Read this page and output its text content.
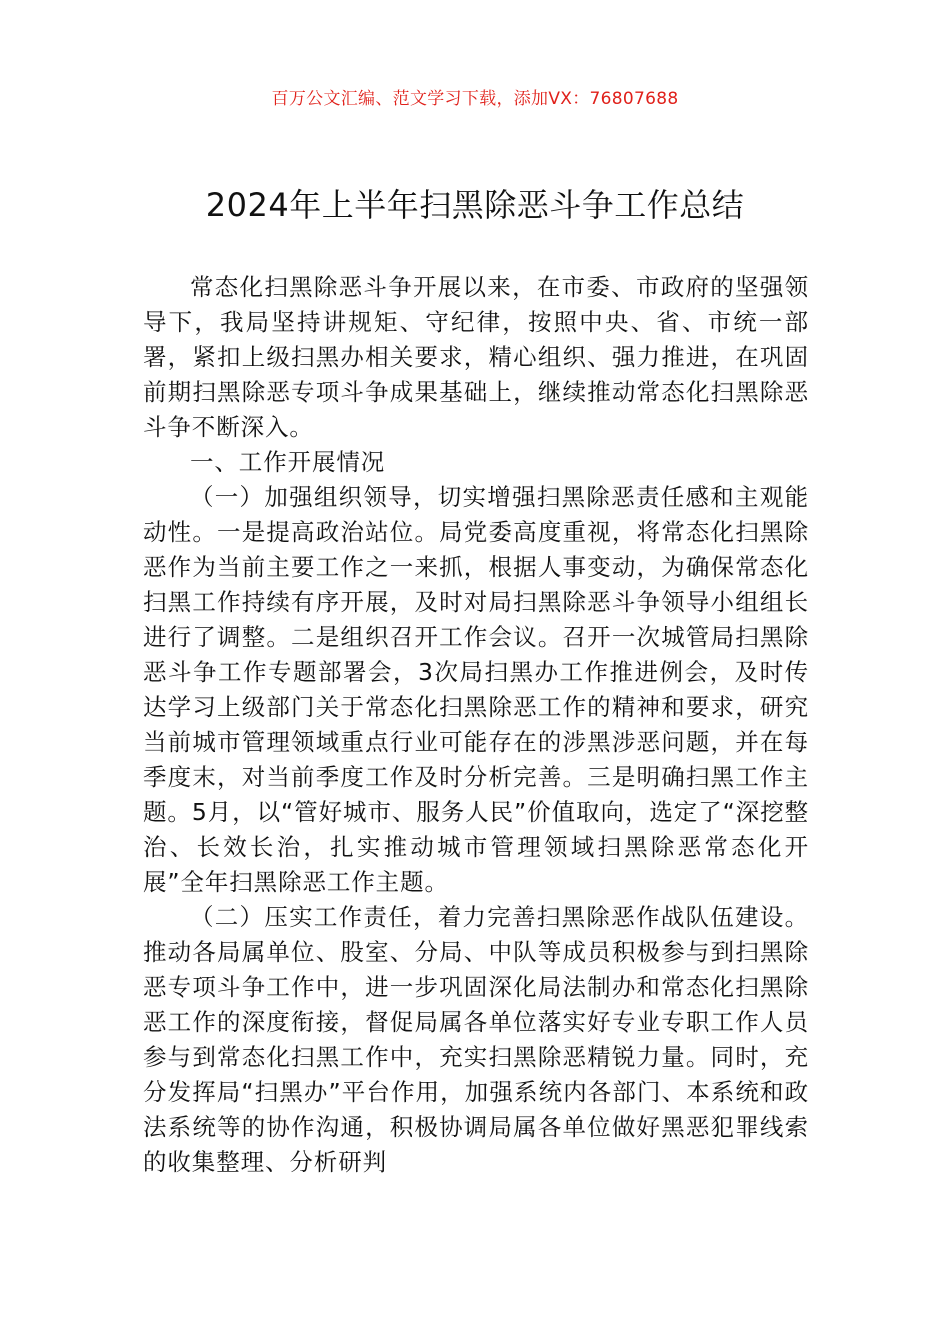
百万公文汇编、范文学习下载，添加VX：76807688
2024年上半年扫黑除恶斗争工作总结

常态化扫黑除恶斗争开展以来，在市委、市政府的坚强领导下，我局坚持讲规矩、守纪律，按照中央、省、市统一部署，紧扣上级扫黑办相关要求，精心组织、强力推进，在巩固前期扫黑除恶专项斗争成果基础上，继续推动常态化扫黑除恶斗争不断深入。

一、工作开展情况

（一）加强组织领导，切实增强扫黑除恶责任感和主观能动性。一是提高政治站位。局党委高度重视，将常态化扫黑除恶作为当前主要工作之一来抓，根据人事变动，为确保常态化扫黑工作持续有序开展，及时对局扫黑除恶斗争领导小组组长进行了调整。二是组织召开工作会议。召开一次城管局扫黑除恶斗争工作专题部署会，3次局扫黑办工作推进例会，及时传达学习上级部门关于常态化扫黑除恶工作的精神和要求，研究当前城市管理领域重点行业可能存在的涉黑涉恶问题，并在每季度末，对当前季度工作及时分析完善。三是明确扫黑工作主题。5月，以“管好城市、服务人民”价值取向，选定了“深挖整治、长效长治，扎实推动城市管理领域扫黑除恶常态化开展”全年扫黑除恶工作主题。

（二）压实工作责任，着力完善扫黑除恶作战队伍建设。推动各局属单位、股室、分局、中队等成员积极参与到扫黑除恶专项斗争工作中，进一步巩固深化局法制办和常态化扫黑除恶工作的深度衔接，督促局属各单位落实好专业专职工作人员参与到常态化扫黑工作中，充实扫黑除恶精锐力量。同时，充分发挥局“扫黑办”平台作用，加强系统内各部门、本系统和政法系统等的协作沟通，积极协调局属各单位做好黑恶犯罪线索的收集整理、分析研判
